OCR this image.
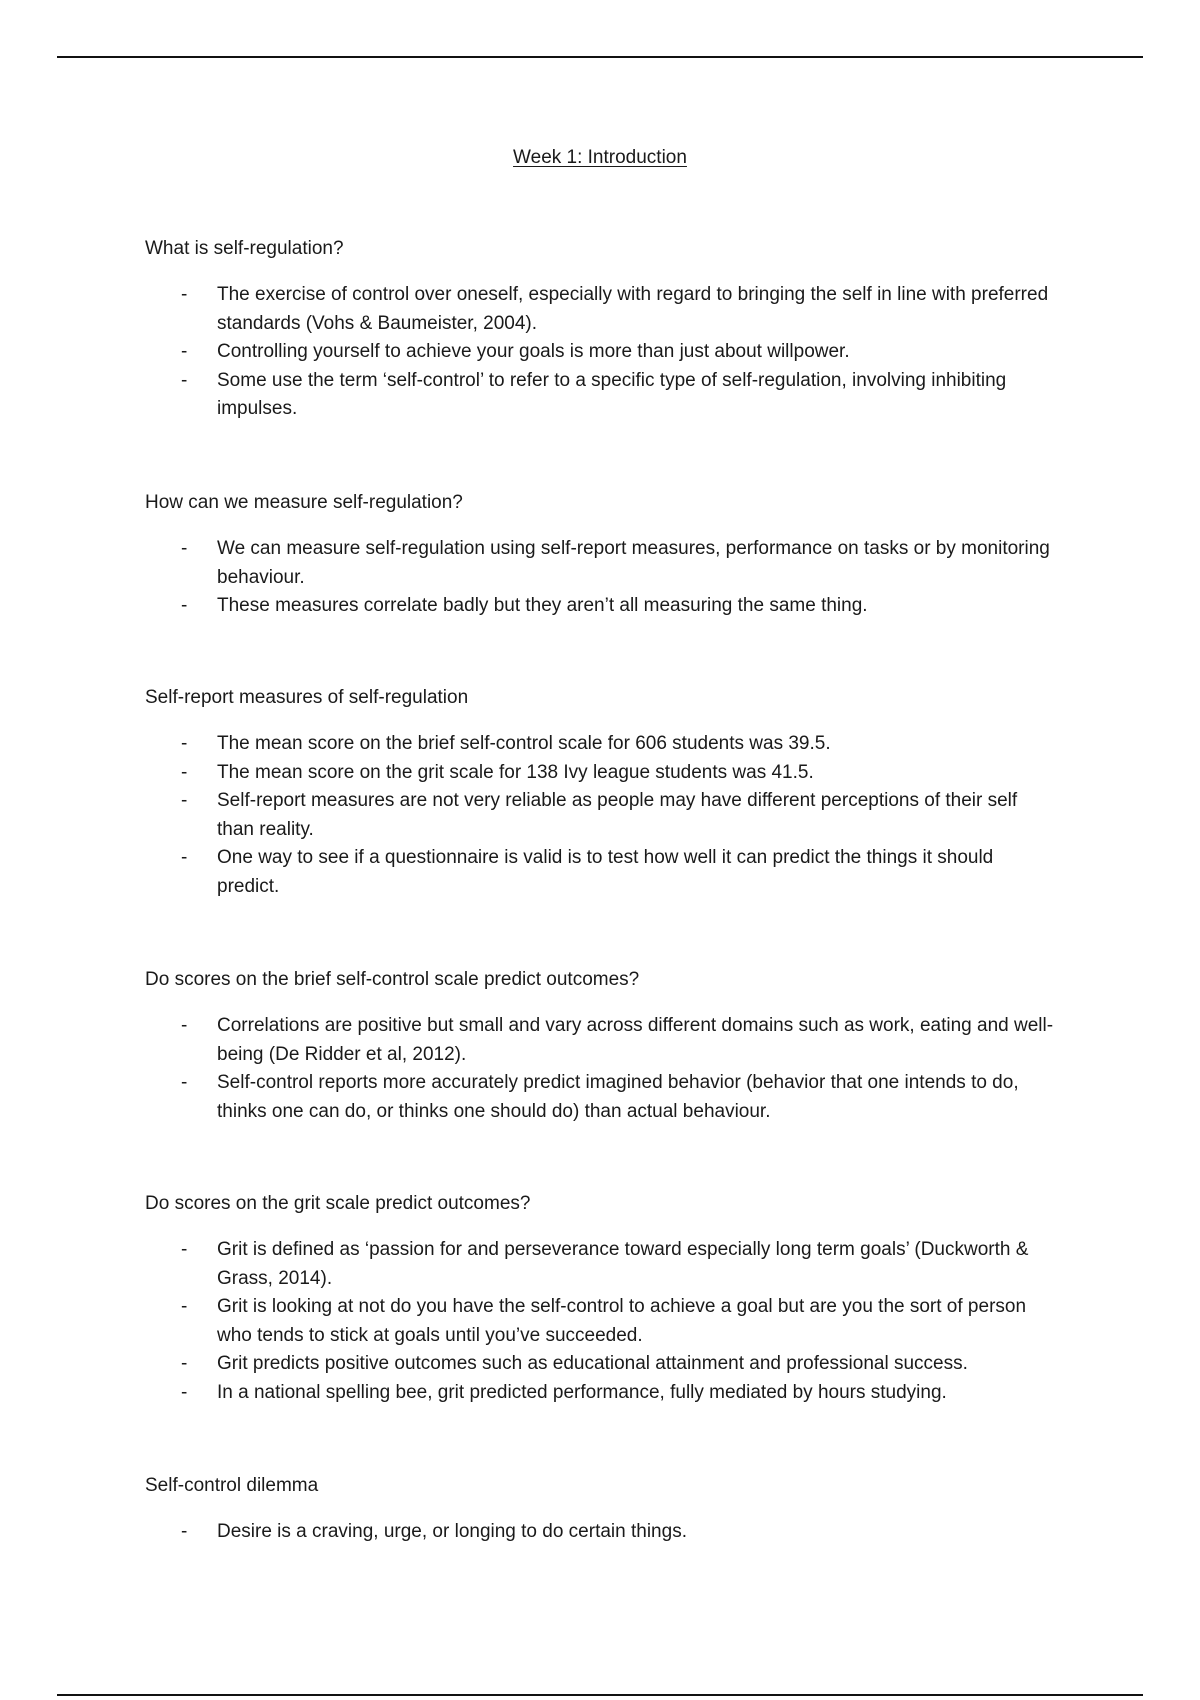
Week 1: Introduction

What is self-regulation?

- The exercise of control over oneself, especially with regard to bringing the self in line with preferred standards (Vohs & Baumeister, 2004).
- Controlling yourself to achieve your goals is more than just about willpower.
- Some use the term ‘self-control’ to refer to a specific type of self-regulation, involving inhibiting impulses.

How can we measure self-regulation?

- We can measure self-regulation using self-report measures, performance on tasks or by monitoring behaviour.
- These measures correlate badly but they aren’t all measuring the same thing.

Self-report measures of self-regulation

- The mean score on the brief self-control scale for 606 students was 39.5.
- The mean score on the grit scale for 138 Ivy league students was 41.5.
- Self-report measures are not very reliable as people may have different perceptions of their self than reality.
- One way to see if a questionnaire is valid is to test how well it can predict the things it should predict.

Do scores on the brief self-control scale predict outcomes?

- Correlations are positive but small and vary across different domains such as work, eating and well-being (De Ridder et al, 2012).
- Self-control reports more accurately predict imagined behavior (behavior that one intends to do, thinks one can do, or thinks one should do) than actual behaviour.

Do scores on the grit scale predict outcomes?

- Grit is defined as ‘passion for and perseverance toward especially long term goals’ (Duckworth & Grass, 2014).
- Grit is looking at not do you have the self-control to achieve a goal but are you the sort of person who tends to stick at goals until you’ve succeeded.
- Grit predicts positive outcomes such as educational attainment and professional success.
- In a national spelling bee, grit predicted performance, fully mediated by hours studying.

Self-control dilemma

- Desire is a craving, urge, or longing to do certain things.
